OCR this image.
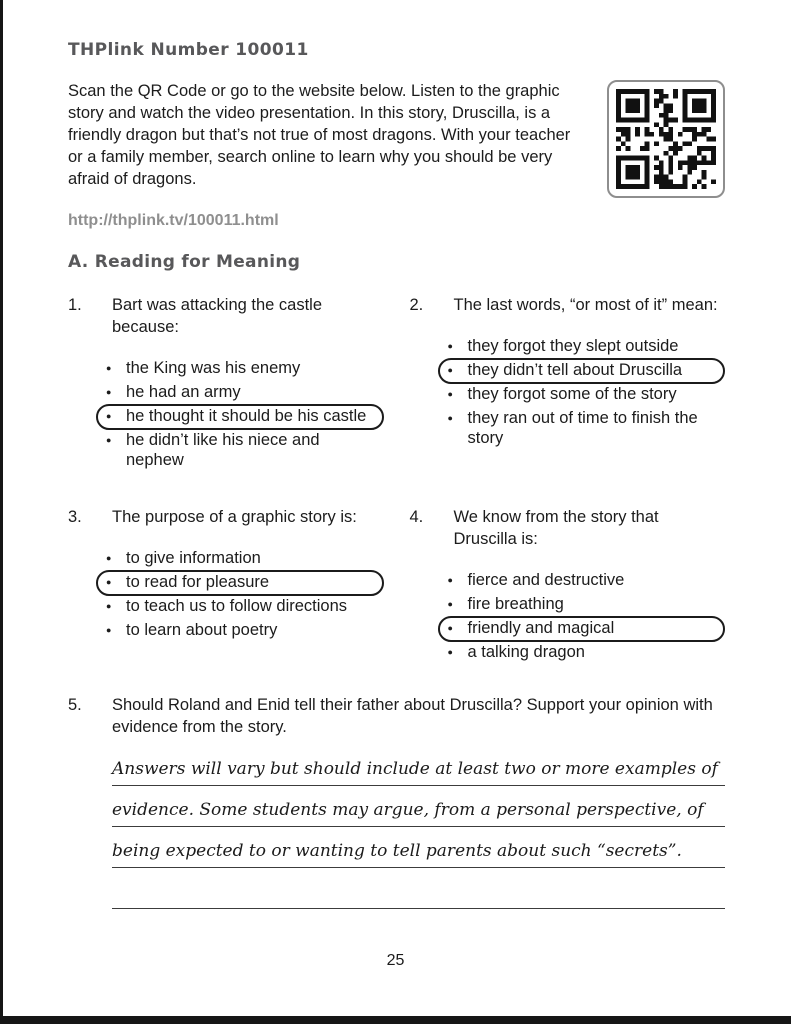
THPlink Number 100011

Scan the QR Code or go to the website below. Listen to the graphic story and watch the video presentation. In this story, Druscilla, is a friendly dragon but that’s not true of most dragons. With your teacher or a family member, search online to learn why you should be very afraid of dragons.

http://thplink.tv/100011.html

A. Reading for Meaning
1.	Bart was attacking the castle because:
●
the King was his enemy
●
he had an army
●
he thought it should be his castle
●
he didn’t like his niece and nephew
2.	The last words, “or most of it” mean:
●
they forgot they slept outside
●
they didn’t tell about Druscilla
●
they forgot some of the story
●
they ran out of time to finish the story
3.	The purpose of a graphic story is:
●
to give information
●
to read for pleasure
●
to teach us to follow directions
●
to learn about poetry
4.	We know from the story that Druscilla is:
●
fierce and destructive
●
fire breathing
●
friendly and magical
●
a talking dragon
5.	Should Roland and Enid tell their father about Druscilla? Support your opinion with evidence from the story.
Answers will vary but should include at least two or more examples of
evidence. Some students may argue, from a personal perspective, of
being expected to or wanting to tell parents about such “secrets”.
25
